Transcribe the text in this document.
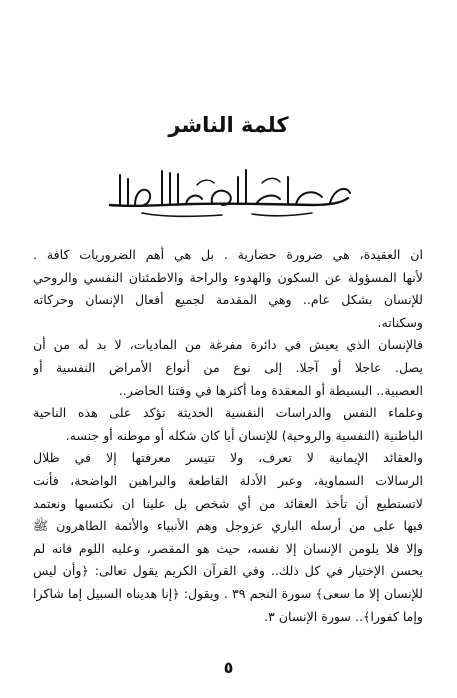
كلمة الناشر
بسم الله الرحمن الرحيم
ان العقيدة، هي ضرورة حضارية . بل هي أهم الضروريات كافة .
لأنها المسؤولة عن السكون والهدوء والراحة والاطمئنان النفسي والروحي
للإنسان بشكل عام.. وهي المقدمة لجميع أفعال الإنسان وحركاته
وسكناته.
فالإنسان الذي يعيش في دائرة مفرغة من الماديات، لا بد له من أن
يصل. عاجلا أو آجلا. إلى نوع من أنواع الأمراض النفسية أو
العصبية.. البسيطة أو المعقدة وما أكثرها في وقتنا الحاضر..
وعلماء النفس والدراسات النفسية الحديثة تؤكد على هذه الناحية
الباطنية (النفسية والروحية) للإنسان أيا كان شكله أو موطنه أو جنسه.
والعقائد الإيمانية لا تعرف، ولا تتيسر معرفتها إلا في ظلال
الرسالات السماوية، وعبر الأدلة القاطعة والبراهين الواضحة، فأنت
لاتستطيع أن تأخذ العقائد من أي شخص بل علينا ان نكتسبها ونعتمد
فيها على من أرسله الباري عزوجل وهم الأنبياء والأئمة الطاهرون ﷺ
وإلا فلا يلومن الإنسان إلا نفسه، حيث هو المقصر، وعليه اللوم فانه لم
يحسن الإختيار في كل ذلك.. وفي القرآن الكريم يقول تعالى: ﴿وأن ليس
للإنسان إلا ما سعى﴾ سورة النجم ٣٩ . ويقول: ﴿إنا هديناه السبيل إما شاكرا
وإما كفورا﴾.. سورة الإنسان ٣.
٥
